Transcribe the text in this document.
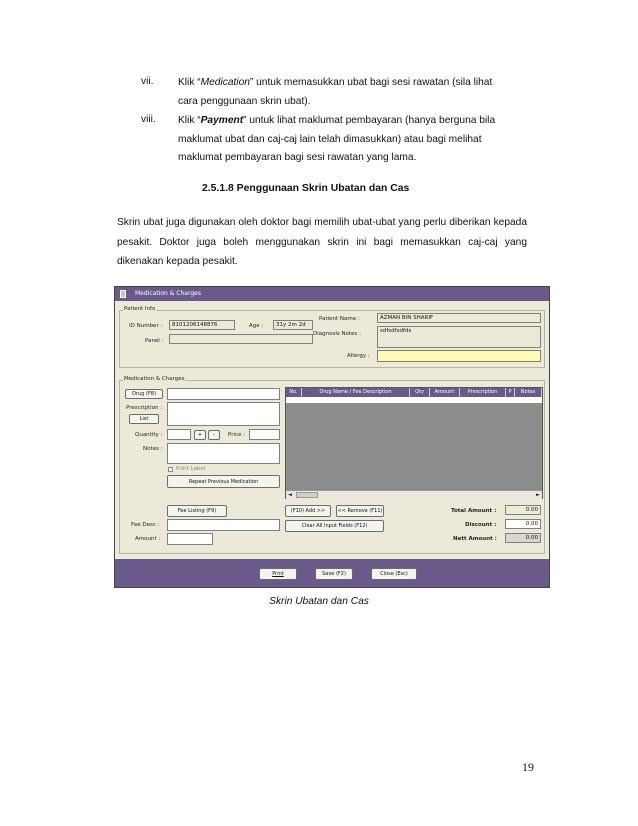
vii. Klik “Medication” untuk memasukkan ubat bagi sesi rawatan (sila lihat
cara penggunaan skrin ubat).
viii. Klik “Payment” untuk lihat maklumat pembayaran (hanya berguna bila
maklumat ubat dan caj-caj lain telah dimasukkan) atau bagi melihat
maklumat pembayaran bagi sesi rawatan yang lama.
2.5.1.8 Penggunaan Skrin Ubatan dan Cas
Skrin ubat juga digunakan oleh doktor bagi memilih ubat-ubat yang perlu diberikan kepada pesakit. Doktor juga boleh menggunakan skrin ini bagi memasukkan caj-caj yang dikenakan kepada pesakit.
Medication & Charges
Patient Info
ID Number :	8101206148876	Age :	31y 2m 2d
Panel :
Patient Name :	AZMAN BIN SHARIF
Diagnosis Notes :	sdfsdfsdfds
Allergy :
Medication & Charges
Drug (F8)
Prescription :
List
Quantity :	+	-	Price :
Notes :
Print Label
Repeat Previous Medication
No.	Drug Name / Fee Description	Qty	Amount	Prescription	P	Notes
◄	►
Fee Listing (F9)	(F10) Add >>	<< Remove (F11)
Clear All Input Fields (F12)
Fee Desc :
Amount :
Total Amount :	0.00
Discount :	0.00
Nett Amount :	0.00
Print	Save (F2)	Close (Esc)
Skrin Ubatan dan Cas
19
